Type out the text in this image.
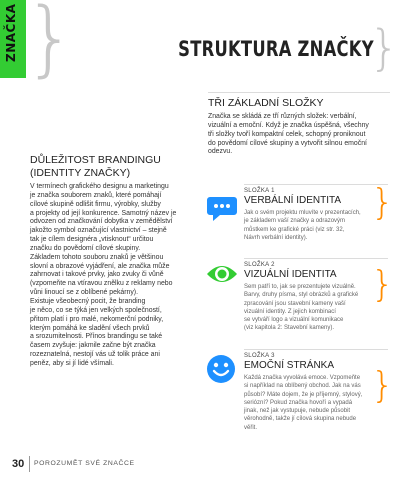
ZNAČKA }	STRUKTURA ZNAČKY
}
DŮLEŽITOST BRANDINGU
(IDENTITY ZNAČKY)
V termínech grafického designu a marketingu
je značka souborem znaků, které pomáhají
cílové skupině odlišit firmu, výrobky, služby
a projekty od její konkurence. Samotný název je
odvozen od značkování dobytka v zemědělství
jakožto symbol označující vlastnictví – stejně
tak je cílem designéra „vtisknout“ určitou
značku do povědomí cílové skupiny.
Základem tohoto souboru znaků je většinou
slovní a obrazové vyjádření, ale značka může
zahrnovat i takové prvky, jako zvuky či vůně
(vzpomeňte na vtíravou znělku z reklamy nebo
vůni linoucí se z oblíbené pekárny).
Existuje všeobecný pocit, že branding
je něco, co se týká jen velkých společností,
přitom platí i pro malé, nekomerční podniky,
kterým pomáhá ke sladění všech prvků
a srozumitelnosti. Přínos brandingu se také
časem zvyšuje: jakmile začne být značka
rozeznatelná, nestojí vás už tolik práce ani
peněz, aby si jí lidé všímali.
TŘI ZÁKLADNÍ SLOŽKY
Značka se skládá ze tří různých složek: verbální,
vizuální a emoční. Když je značka úspěšná, všechny
tři složky tvoří kompaktní celek, schopný proniknout
do povědomí cílové skupiny a vytvořit silnou emoční
odezvu.
SLOŽKA 1
VERBÁLNÍ IDENTITA
Jak o svém projektu mluvíte v prezentacích,
je základem vaší značky a odrazovým
můstkem ke grafické práci (viz str. 32,
Návrh verbální identity).
}
SLOŽKA 2
VIZUÁLNÍ IDENTITA
Sem patří to, jak se prezentujete vizuálně.
Barvy, druhy písma, styl obrázků a grafické
zpracování jsou stavební kameny vaší
vizuální identity. Z jejich kombinací
se vytváří logo a vizuální komunikace
(viz kapitola 2: Stavební kameny).
}
SLOŽKA 3
EMOČNÍ STRÁNKA
Každá značka vyvolává emoce. Vzpomeňte
si například na oblíbený obchod. Jak na vás
působí? Máte dojem, že je příjemný, stylový,
seriózní? Pokud značka hovoří a vypadá
jinak, než jak vystupuje, nebude působit
věrohodně, takže jí cílová skupina nebude
věřit.
}
30 POROZUMĚT SVÉ ZNAČCE
